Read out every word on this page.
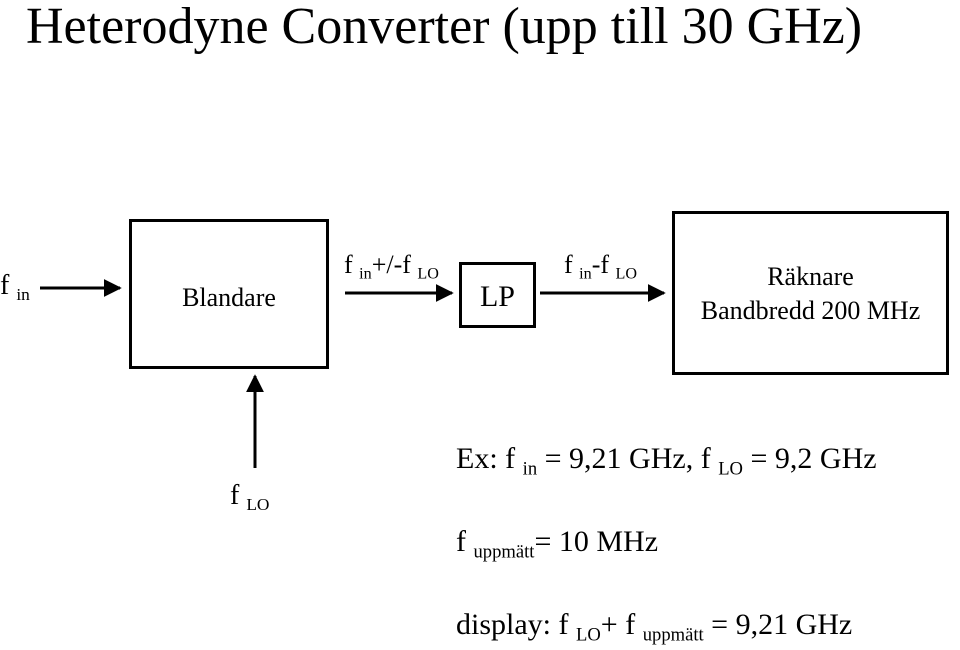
Heterodyne Converter (upp till 30 GHz)
Blandare	LP
Räknare
Bandbredd 200 MHz
f $_{in}$
f $_{in}$+/-f $_{LO}$	f $_{in}$-f $_{LO}$
f $_{LO}$
Ex: f $_{in}$ = 9,21 GHz, f $_{LO}$ = 9,2 GHz
f $_{uppmätt}$= 10 MHz
display: f $_{LO}$+ f $_{uppmätt}$ = 9,21 GHz
